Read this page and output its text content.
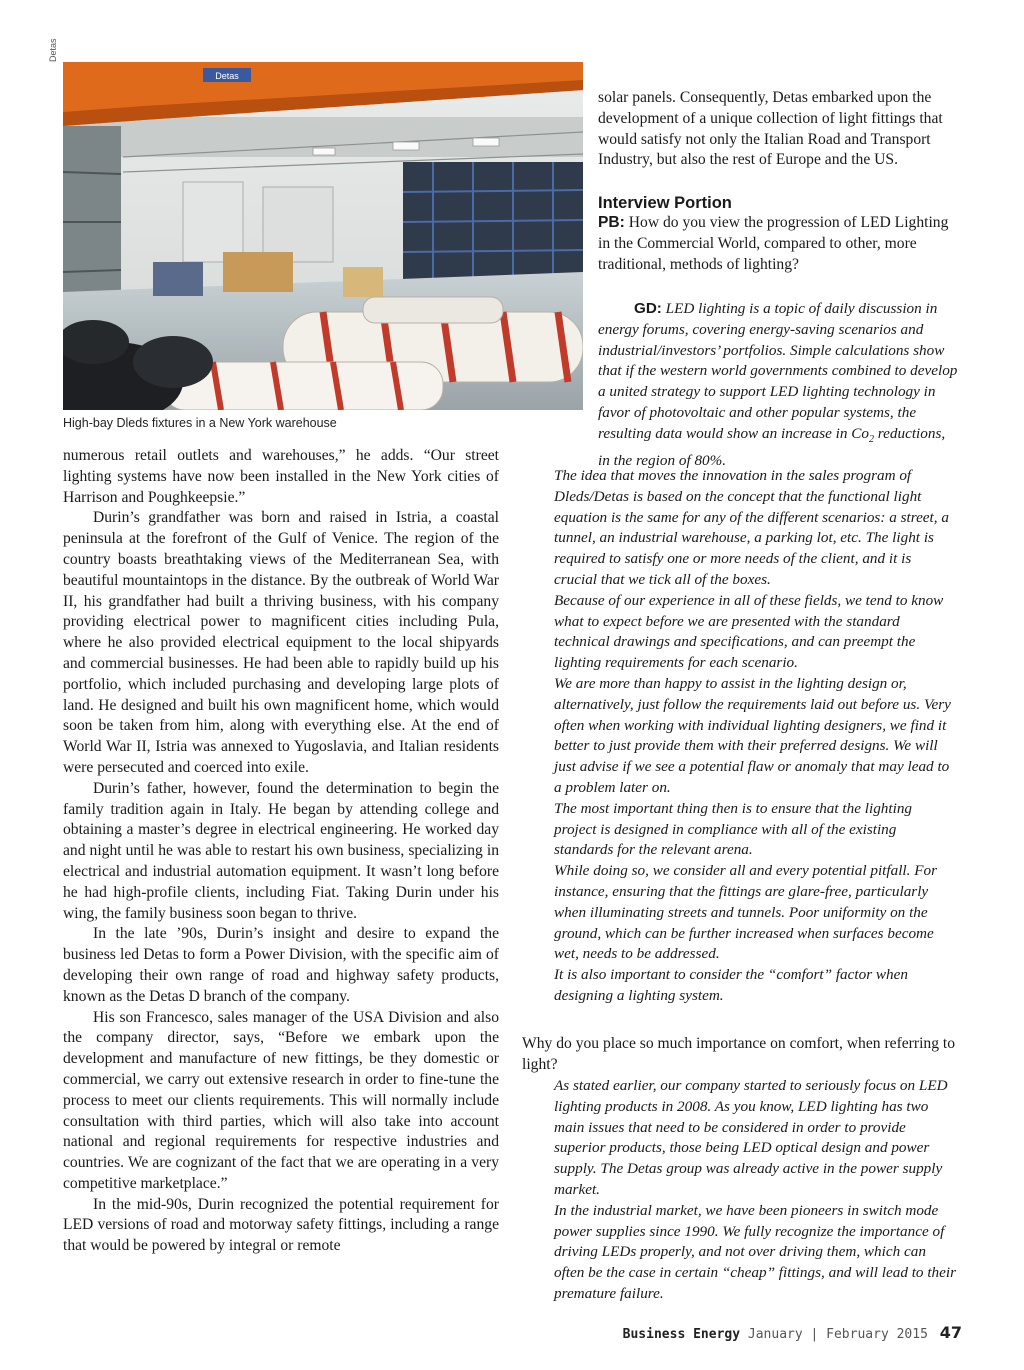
Detas
Detas
High-bay Dleds fixtures in a New York warehouse

numerous retail outlets and warehouses,” he adds. “Our street lighting systems have now been installed in the New York cities of Harrison and Poughkeepsie.”

Durin’s grandfather was born and raised in Istria, a coastal peninsula at the forefront of the Gulf of Venice. The region of the country boasts breathtaking views of the Mediterranean Sea, with beautiful mountaintops in the distance. By the outbreak of World War II, his grandfather had built a thriving business, with his company providing electrical power to magnificent cities including Pula, where he also provided electrical equipment to the local shipyards and commercial businesses. He had been able to rapidly build up his portfolio, which included purchasing and developing large plots of land. He designed and built his own magnificent home, which would soon be taken from him, along with everything else. At the end of World War II, Istria was annexed to Yugoslavia, and Italian residents were persecuted and coerced into exile.

Durin’s father, however, found the determination to begin the family tradition again in Italy. He began by attending college and obtaining a master’s degree in electrical engineering. He worked day and night until he was able to restart his own business, specializing in electrical and industrial automation equipment. It wasn’t long before he had high-profile clients, including Fiat. Taking Durin under his wing, the family business soon began to thrive.

In the late ’90s, Durin’s insight and desire to expand the business led Detas to form a Power Division, with the specific aim of developing their own range of road and highway safety products, known as the Detas D branch of the company.

His son Francesco, sales manager of the USA Division and also the company director, says, “Before we embark upon the development and manufacture of new fittings, be they domestic or commercial, we carry out extensive research in order to fine-tune the process to meet our clients requirements. This will normally include consultation with third parties, which will also take into account national and regional requirements for respective industries and countries. We are cognizant of the fact that we are operating in a very competitive marketplace.”

In the mid-90s, Durin recognized the potential requirement for LED versions of road and motorway safety fittings, including a range that would be powered by integral or remote

solar panels. Consequently, Detas embarked upon the development of a unique collection of light fittings that would satisfy not only the Italian Road and Transport Industry, but also the rest of Europe and the US.

Interview Portion

PB: How do you view the progression of LED Lighting in the Commercial World, compared to other, more traditional, methods of lighting?

GD: LED lighting is a topic of daily discussion in energy forums, covering energy-saving scenarios and industrial/investors’ portfolios. Simple calculations show that if the western world governments combined to develop a united strategy to support LED lighting technology in favor of photovoltaic and other popular systems, the resulting data would show an increase in $Co_2$ reductions, in the region of 80%.

The idea that moves the innovation in the sales program of Dleds/Detas is based on the concept that the functional light equation is the same for any of the different scenarios: a street, a tunnel, an industrial warehouse, a parking lot, etc. The light is required to satisfy one or more needs of the client, and it is crucial that we tick all of the boxes.

Because of our experience in all of these fields, we tend to know what to expect before we are presented with the standard technical drawings and specifications, and can preempt the lighting requirements for each scenario.

We are more than happy to assist in the lighting design or, alternatively, just follow the requirements laid out before us. Very often when working with individual lighting designers, we find it better to just provide them with their preferred designs. We will just advise if we see a potential flaw or anomaly that may lead to a problem later on.

The most important thing then is to ensure that the lighting project is designed in compliance with all of the existing standards for the relevant arena.

While doing so, we consider all and every potential pitfall. For instance, ensuring that the fittings are glare-free, particularly when illuminating streets and tunnels. Poor uniformity on the ground, which can be further increased when surfaces become wet, needs to be addressed.

It is also important to consider the “comfort” factor when designing a lighting system.

Why do you place so much importance on comfort, when referring to light?

As stated earlier, our company started to seriously focus on LED lighting products in 2008. As you know, LED lighting has two main issues that need to be considered in order to provide superior products, those being LED optical design and power supply. The Detas group was already active in the power supply market.

In the industrial market, we have been pioneers in switch mode power supplies since 1990. We fully recognize the importance of driving LEDs properly, and not over driving them, which can often be the case in certain “cheap” fittings, and will lead to their premature failure.

Business Energy January | February 2015 47
